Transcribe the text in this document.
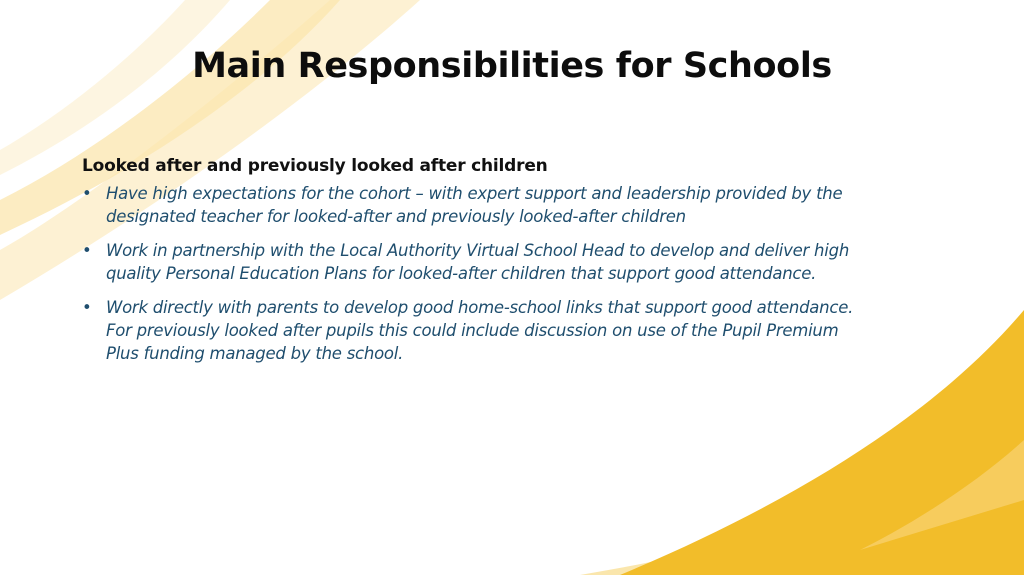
Main Responsibilities for Schools
Looked after and previously looked after children
• Have high expectations for the cohort – with expert support and leadership provided by the designated teacher for looked-after and previously looked-after children
• Work in partnership with the Local Authority Virtual School Head to develop and deliver high quality Personal Education Plans for looked-after children that support good attendance.
• Work directly with parents to develop good home-school links that support good attendance. For previously looked after pupils this could include discussion on use of the Pupil Premium Plus funding managed by the school.
